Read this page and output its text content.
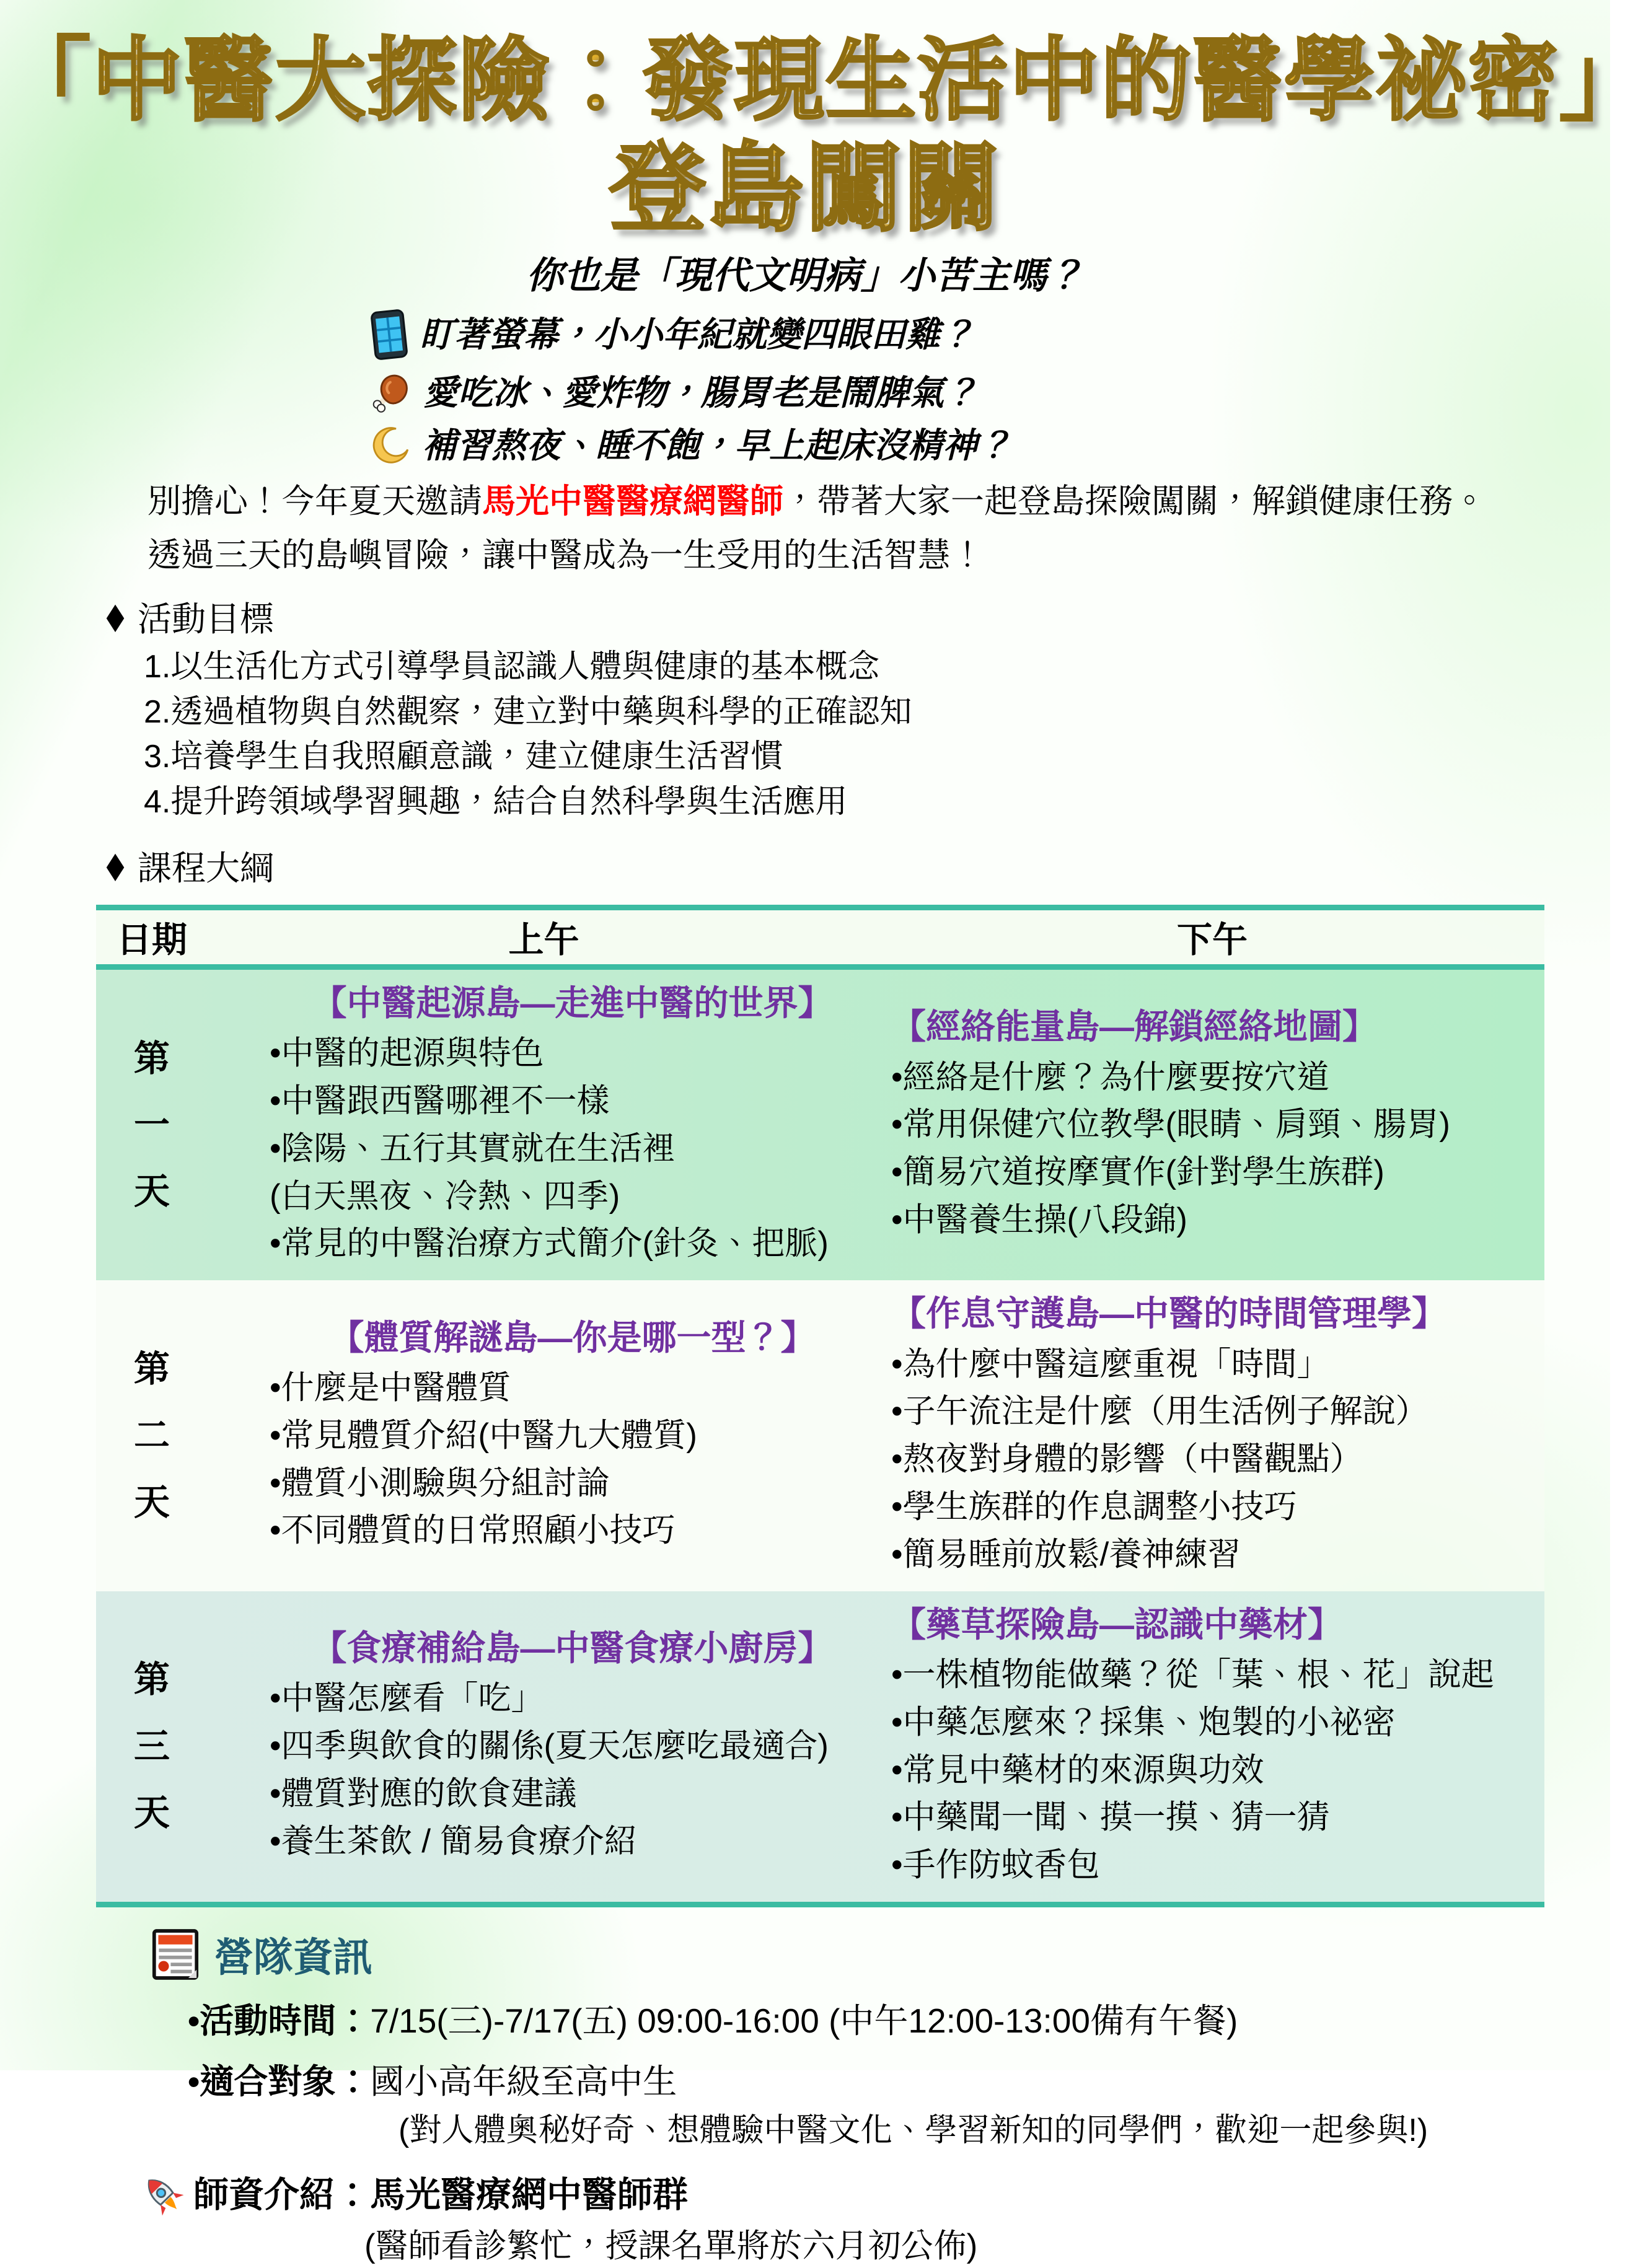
「中醫大探險：發現生活中的醫學祕密」
登島闖關
你也是「現代文明病」小苦主嗎？
盯著螢幕，小小年紀就變四眼田雞？
愛吃冰、愛炸物，腸胃老是鬧脾氣？
補習熬夜、睡不飽，早上起床沒精神？
別擔心！今年夏天邀請馬光中醫醫療網醫師，帶著大家一起登島探險闖關，解鎖健康任務。
透過三天的島嶼冒險，讓中醫成為一生受用的生活智慧！
◆ 活動目標
1.以生活化方式引導學員認識人體與健康的基本概念
2.透過植物與自然觀察，建立對中藥與科學的正確認知
3.培養學生自我照顧意識，建立健康生活習慣
4.提升跨領域學習興趣，結合自然科學與生活應用
◆ 課程大綱
日期	上午	下午
第一天
【中醫起源島—走進中醫的世界】
•中醫的起源與特色
•中醫跟西醫哪裡不一樣
•陰陽、五行其實就在生活裡
(白天黑夜、冷熱、四季)
•常見的中醫治療方式簡介(針灸、把脈)
【經絡能量島—解鎖經絡地圖】
•經絡是什麼？為什麼要按穴道
•常用保健穴位教學(眼睛、肩頸、腸胃)
•簡易穴道按摩實作(針對學生族群)
•中醫養生操(八段錦)
第二天
【體質解謎島—你是哪一型？】
•什麼是中醫體質
•常見體質介紹(中醫九大體質)
•體質小測驗與分組討論
•不同體質的日常照顧小技巧
【作息守護島—中醫的時間管理學】
•為什麼中醫這麼重視「時間」
•子午流注是什麼（用生活例子解說）
•熬夜對身體的影響（中醫觀點）
•學生族群的作息調整小技巧
•簡易睡前放鬆/養神練習
第三天
【食療補給島—中醫食療小廚房】
•中醫怎麼看「吃」
•四季與飲食的關係(夏天怎麼吃最適合)
•體質對應的飲食建議
•養生茶飲 / 簡易食療介紹
【藥草探險島—認識中藥材】
•一株植物能做藥？從「葉、根、花」說起
•中藥怎麼來？採集、炮製的小祕密
•常見中藥材的來源與功效
•中藥聞一聞、摸一摸、猜一猜
•手作防蚊香包
營隊資訊
•活動時間：7/15(三)-7/17(五) 09:00-16:00 (中午12:00-13:00備有午餐)
•適合對象：國小高年級至高中生
(對人體奧秘好奇、想體驗中醫文化、學習新知的同學們，歡迎一起參與!)
師資介紹：馬光醫療網中醫師群
(醫師看診繁忙，授課名單將於六月初公佈)
